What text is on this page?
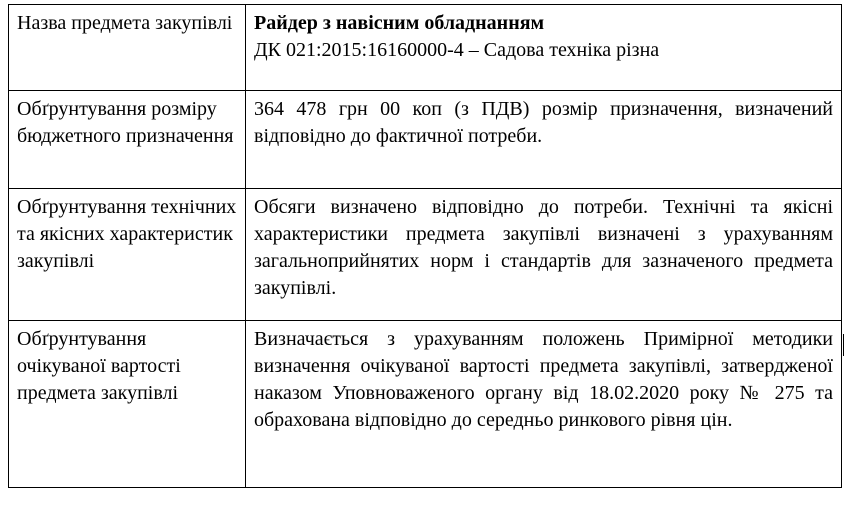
Назва предмета закупівлі	Райдер з навісним обладнанням
ДК 021:2015:16160000-4 – Садова техніка різна

Обґрунтування розміру бюджетного призначення	364 478 грн 00 коп (з ПДВ) розмір призначення, визначений відповідно до фактичної потреби.
Обґрунтування технічних та якісних характеристик закупівлі	Обсяги визначено відповідно до потреби. Технічні та якісні характеристики предмета закупівлі визначені з урахуванням загальноприйнятих норм і стандартів для зазначеного предмета закупівлі.
Обґрунтування очікуваної вартості предмета закупівлі	Визначається з урахуванням положень Примірної методики визначення очікуваної вартості предмета закупівлі, затвердженої наказом Уповноваженого органу від 18.02.2020 року № 275 та обрахована відповідно до середньо ринкового рівня цін.
